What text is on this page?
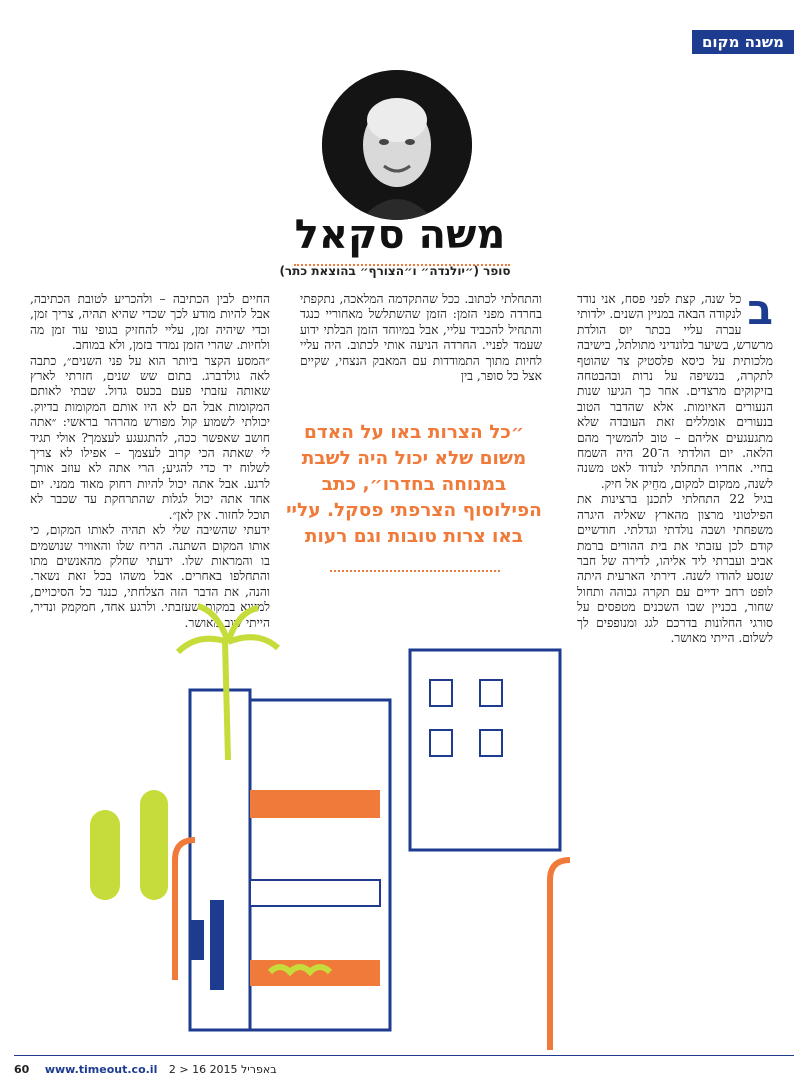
משנה מקום
משה סקאל
סופר (״יולנדה״ ו״הצורף״ בהוצאת כתר)
ב

כל שנה, קצת לפני פסח, אני נודד לנקודה הבאה במניין השנים. ילדותי עברה עליי בכתר יוס הולדת מרשרש, בשיער בלונדיני מתולתל, בישיבה מלכותית על כיסא פלסטיק צר שהוטף לתקרה, בנשיפה על נרות ובהבטחה בזיקוקים מרצדים. אחר כך הגיעו שנות הנעורים האיומות. אלא שהדבר הטוב בנעורים אומללים זאת העובדה שלא מתגעגעים אליהם – טוב להמשיך מהם הלאה. יום הולדתי ה־20 היה השמח בחיי. אחריו התחלתי לנדוד לאט משנה לשנה, ממקום למקום, מחֵיק אל חיק.

בגיל 22 התחלתי לתכנן ברצינות את הפילטוני מרצון מהארץ שאליה היגרה משפחתי ושבה נולדתי וגדלתי. חודשיים קודם לכן עזבתי את בית ההורים ברמת אביב ועברתי ליד אליהו, לדירה של חבר שנסע להודו לשנה. דירתי הארעית היתה לופט רחב ידיים עם תקרה גבוהה ותחול שחור, בכניין שבו השכנים מטפסים על סורגי החלונות בדרכם לגג ומנופפים לך לשלום. הייתי מאושר.

והתחלתי לכתוב. ככל שהתקדמה המלאכה, נתקפתי בחרדה מפני הזמן: הזמן שהשתלשל מאחוריי כנגד והתחיל להכביד עליי, אבל במיוחד הזמן הבלתי ידוע שעמד לפניי. החרדה הניעה אותי לכתוב. היה עליי לחיות מתוך התמודדות עם המאבק הנצחי, שקיים אצל כל סופר, בין

״כל הצרות באו על האדם משום שלא יכול היה לשבת במנוחה בחדרו״, כתב הפילוסוף הצרפתי פסקל. עליי באו צרות טובות וגם רעות

החיים לבין הכתיבה – ולהכריע לטובת הכתיבה, אבל להיות מודע לכך שכדי שהיא תהיה, צריך זמן, וכדי שיהיה זמן, עליי להחזיק בגופי עוד זמן מה ולחיות. שהרי הזמן נמדד בזמן, ולא במוחב.

״המסע הקצר ביותר הוא על פני השנים״, כתבה לאה גולדברג. בתום שש שנים, חזרתי לארץ שאותה עזבתי פעם בכעס גדול. שבתי לאותם המקומות אבל הם לא היו אותם המקומות בדיוק. יכולתי לשמוע קול מפורש מהרהר בראשי: ״אתה חושב שאפשר ככה, להתגעגע לעצמך? אולי תגיד לי שאתה הכי קרוב לעצמך – אפילו לא צריך לשלוח יד כדי להגיע; הרי אתה לא עוזב אותך לרגע. אבל אתה יכול להיות רחוק מאוד ממני. יום אחד אתה יכול לגלות שהתרחקת עד שכבר לא תוכל לחזור. אין לאן״.

ידעתי שהשיבה שלי לא תהיה לאותו המקום, כי אותו המקום השתנה. הריח שלו והאוויר שנושמים בו והמראות שלו. ידעתי שחלק מהאנשים מתו והתחלפו באחרים. אבל משהו בכל זאת נשאר. והנה, את הדבר הזה הצלחתי, כנגד כל הסיכויים, למצוא במקום שעזבתי. ולרגע אחד, חמקמק ונדיר, הייתי שוב מאושר.

60 www.timeout.co.il 2 > 16 באפריל 2015
